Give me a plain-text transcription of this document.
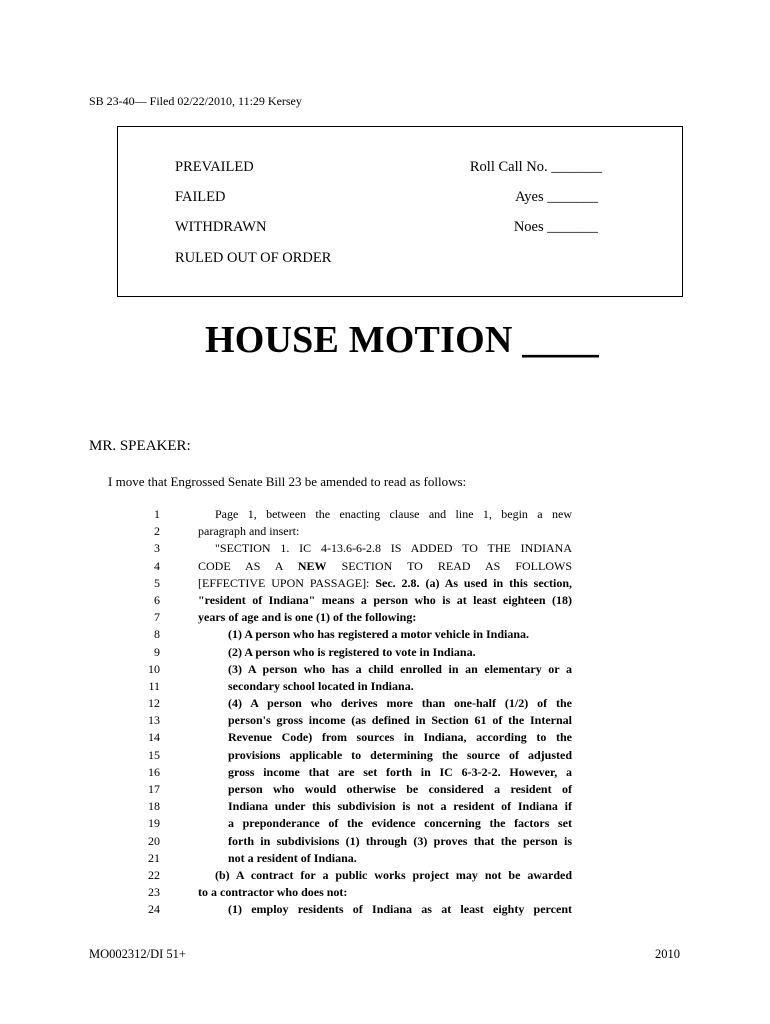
SB 23-40— Filed 02/22/2010, 11:29 Kersey
PREVAILED
FAILED
WITHDRAWN
RULED OUT OF ORDER
Roll Call No. _______
Ayes _______
Noes _______
HOUSE MOTION ____
MR. SPEAKER:
I move that Engrossed Senate Bill 23 be amended to read as follows:
1	Page 1, between the enacting clause and line 1, begin a new
2	paragraph and insert:
3	"SECTION 1. IC 4-13.6-6-2.8 IS ADDED TO THE INDIANA
4	CODE AS A NEW SECTION TO READ AS FOLLOWS
5	[EFFECTIVE UPON PASSAGE]: Sec. 2.8. (a) As used in this section,
6	"resident of Indiana" means a person who is at least eighteen (18)
7	years of age and is one (1) of the following:
8	(1) A person who has registered a motor vehicle in Indiana.
9	(2) A person who is registered to vote in Indiana.
10	(3) A person who has a child enrolled in an elementary or a
11	secondary school located in Indiana.
12	(4) A person who derives more than one-half (1/2) of the
13	person's gross income (as defined in Section 61 of the Internal
14	Revenue Code) from sources in Indiana, according to the
15	provisions applicable to determining the source of adjusted
16	gross income that are set forth in IC 6-3-2-2. However, a
17	person who would otherwise be considered a resident of
18	Indiana under this subdivision is not a resident of Indiana if
19	a preponderance of the evidence concerning the factors set
20	forth in subdivisions (1) through (3) proves that the person is
21	not a resident of Indiana.
22	(b) A contract for a public works project may not be awarded
23	to a contractor who does not:
24	(1) employ residents of Indiana as at least eighty percent
MO002312/DI 51+	2010
